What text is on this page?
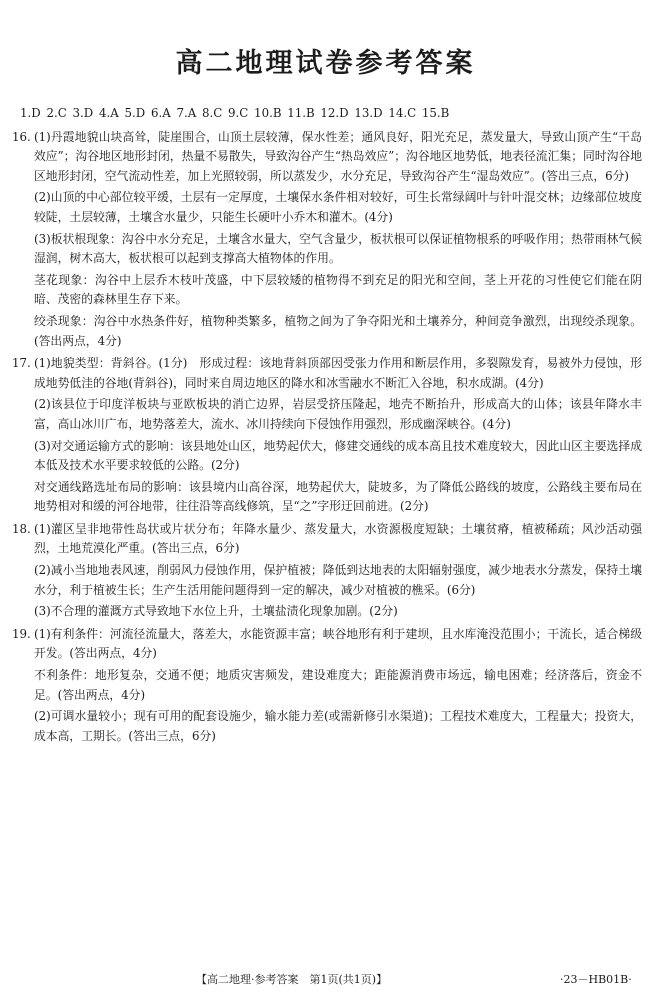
高二地理试卷参考答案

1.D 2.C 3.D 4.A 5.D 6.A 7.A 8.C 9.C 10.B 11.B 12.D 13.D 14.C 15.B

16. (1)丹霞地貌山块高耸，陡崖围合，山顶土层较薄，保水性差；通风良好，阳光充足，蒸发量大，导致山顶产生“干岛效应”；沟谷地区地形封闭，热量不易散失，导致沟谷产生“热岛效应”；沟谷地区地势低，地表径流汇集；同时沟谷地区地形封闭，空气流动性差，加上光照较弱，所以蒸发少，水分充足，导致沟谷产生“湿岛效应”。(答出三点，6分)

(2)山顶的中心部位较平缓，土层有一定厚度，土壤保水条件相对较好，可生长常绿阔叶与针叶混交林；边缘部位坡度较陡，土层较薄，土壤含水量少，只能生长硬叶小乔木和灌木。(4分)

(3)板状根现象：沟谷中水分充足，土壤含水量大，空气含量少，板状根可以保证植物根系的呼吸作用；热带雨林气候湿润，树木高大，板状根可以起到支撑高大植物体的作用。

茎花现象：沟谷中上层乔木枝叶茂盛，中下层较矮的植物得不到充足的阳光和空间，茎上开花的习性使它们能在阴暗、茂密的森林里生存下来。

绞杀现象：沟谷中水热条件好，植物种类繁多，植物之间为了争夺阳光和土壤养分，种间竞争激烈，出现绞杀现象。(答出两点，4分)

17. (1)地貌类型：背斜谷。(1分)　形成过程：该地背斜顶部因受张力作用和断层作用，多裂隙发育，易被外力侵蚀，形成地势低洼的谷地(背斜谷)，同时来自周边地区的降水和冰雪融水不断汇入谷地，积水成湖。(4分)

(2)该县位于印度洋板块与亚欧板块的消亡边界，岩层受挤压隆起，地壳不断抬升，形成高大的山体；该县年降水丰富，高山冰川广布，地势落差大，流水、冰川持续向下侵蚀作用强烈，形成幽深峡谷。(4分)

(3)对交通运输方式的影响：该县地处山区，地势起伏大，修建交通线的成本高且技术难度较大，因此山区主要选择成本低及技术水平要求较低的公路。(2分)

对交通线路选址布局的影响：该县境内山高谷深，地势起伏大，陡坡多，为了降低公路线的坡度，公路线主要布局在地势相对和缓的河谷地带，往往沿等高线修筑，呈“之”字形迂回前进。(2分)

18. (1)灌区呈非地带性岛状或片状分布；年降水量少、蒸发量大，水资源极度短缺；土壤贫瘠，植被稀疏；风沙活动强烈，土地荒漠化严重。(答出三点，6分)

(2)减小当地地表风速，削弱风力侵蚀作用，保护植被；降低到达地表的太阳辐射强度，减少地表水分蒸发，保持土壤水分，利于植被生长；生产生活用能问题得到一定的解决，减少对植被的樵采。(6分)

(3)不合理的灌溉方式导致地下水位上升，土壤盐渍化现象加剧。(2分)

19. (1)有利条件：河流径流量大，落差大，水能资源丰富；峡谷地形有利于建坝，且水库淹没范围小；干流长，适合梯级开发。(答出两点，4分)

不利条件：地形复杂，交通不便；地质灾害频发，建设难度大；距能源消费市场远，输电困难；经济落后，资金不足。(答出两点，4分)

(2)可调水量较小；现有可用的配套设施少，输水能力差(或需新修引水渠道)；工程技术难度大，工程量大；投资大，成本高，工期长。(答出三点，6分)

【高二地理·参考答案　第1页(共1页)】	·23－HB01B·
